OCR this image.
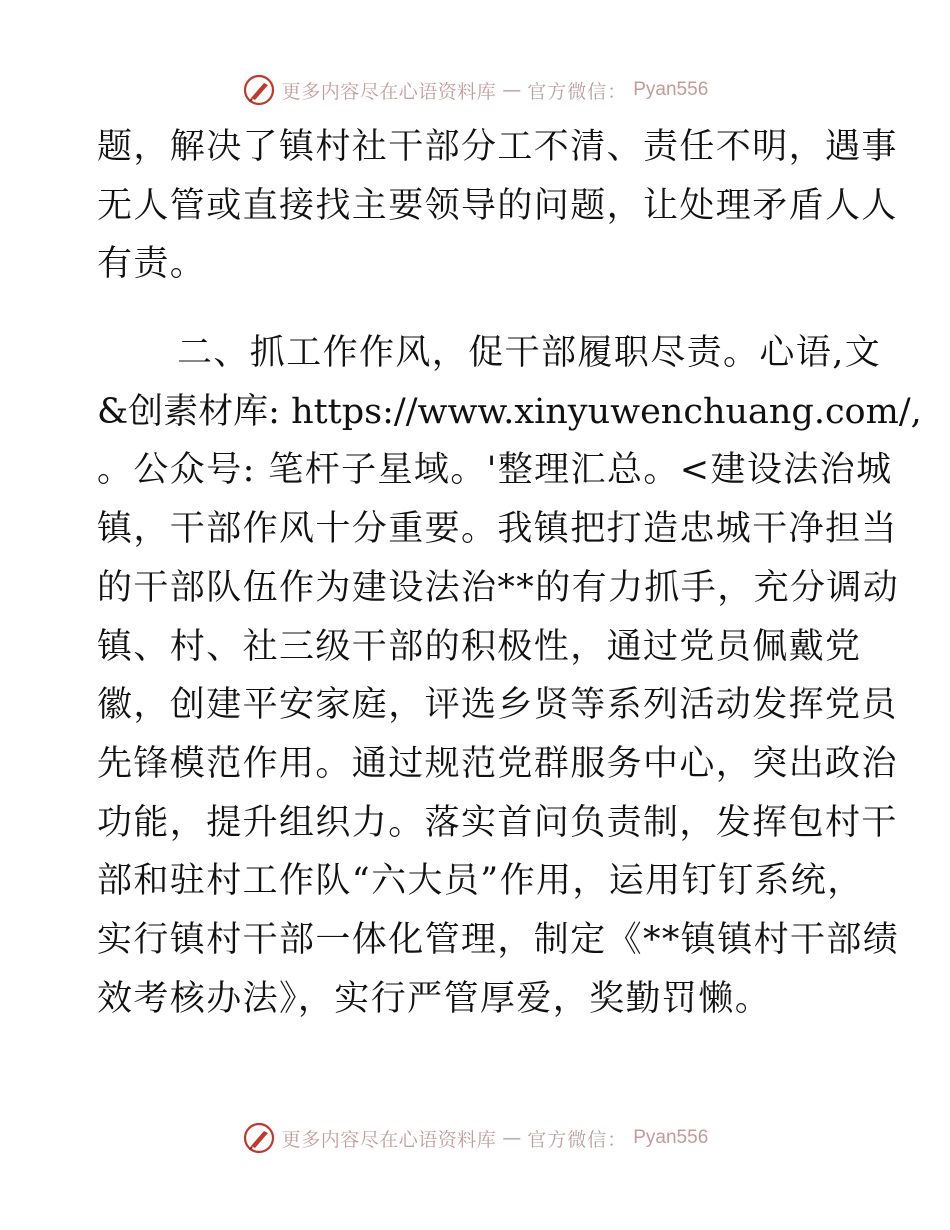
更多内容尽在心语资料库 — 官方微信： Pyan556
题，解决了镇村社干部分工不清、责任不明，遇事
无人管或直接找主要领导的问题，让处理矛盾人人
有责。
二、抓工作作风，促干部履职尽责。心语,文
&创素材库: https://www.xinyuwenchuang.com/,
。公众号: 笔杆子星域。'整理汇总。<建设法治城
镇，干部作风十分重要。我镇把打造忠城干净担当
的干部队伍作为建设法治**的有力抓手，充分调动
镇、村、社三级干部的积极性，通过党员佩戴党
徽，创建平安家庭，评选乡贤等系列活动发挥党员
先锋模范作用。通过规范党群服务中心，突出政治
功能，提升组织力。落实首问负责制，发挥包村干
部和驻村工作队“六大员”作用，运用钉钉系统，
实行镇村干部一体化管理，制定《**镇镇村干部绩
效考核办法》，实行严管厚爱，奖勤罚懒。
更多内容尽在心语资料库 — 官方微信： Pyan556
